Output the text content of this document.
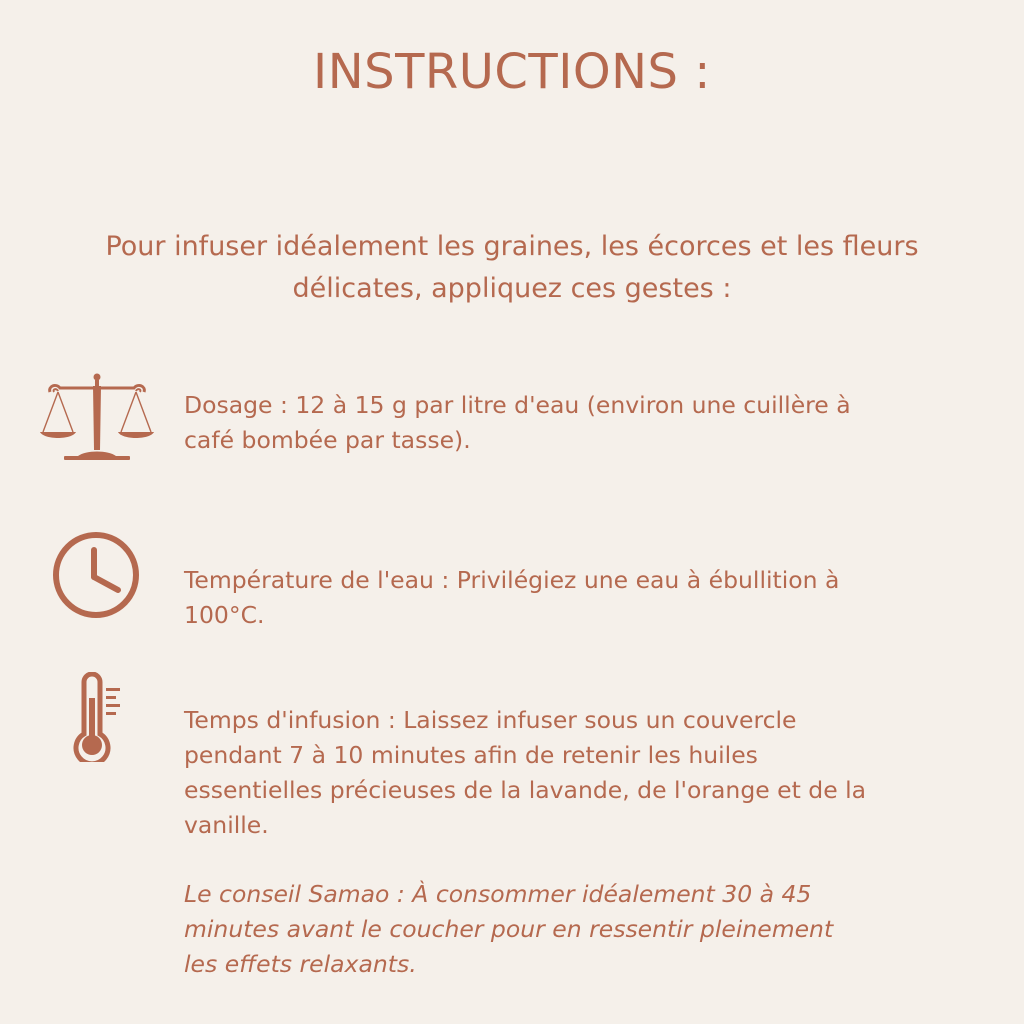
INSTRUCTIONS :

Pour infuser idéalement les graines, les écorces et les fleurs
délicates, appliquez ces gestes :

Dosage : 12 à 15 g par litre d'eau (environ une cuillère à
café bombée par tasse).

Température de l'eau : Privilégiez une eau à ébullition à
100°C.

Temps d'infusion : Laissez infuser sous un couvercle
pendant 7 à 10 minutes afin de retenir les huiles
essentielles précieuses de la lavande, de l'orange et de la
vanille.

Le conseil Samao : À consommer idéalement 30 à 45
minutes avant le coucher pour en ressentir pleinement
les effets relaxants.
